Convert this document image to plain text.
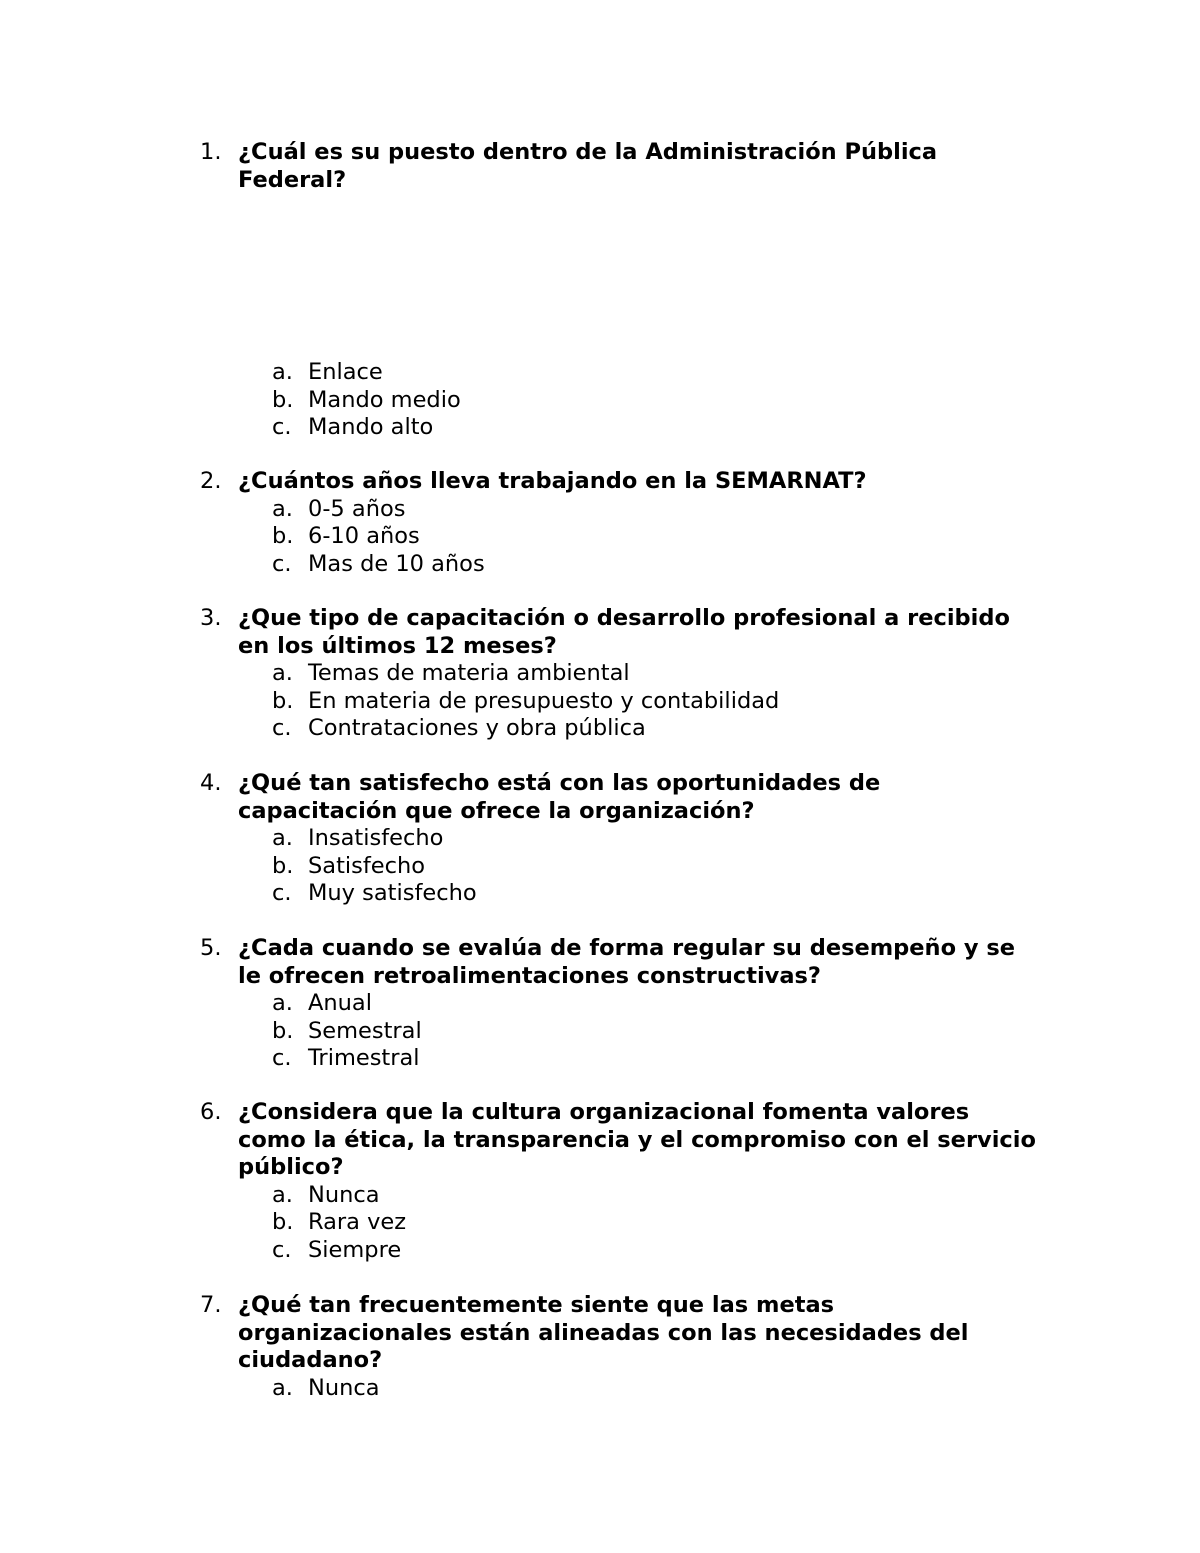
1. ¿Cuál es su puesto dentro de la Administración Pública Federal?
a. Enlace
b. Mando medio
c. Mando alto
2. ¿Cuántos años lleva trabajando en la SEMARNAT?
a. 0-5 años
b. 6-10 años
c. Mas de 10 años
3. ¿Que tipo de capacitación o desarrollo profesional a recibido en los últimos 12 meses?
a. Temas de materia ambiental
b. En materia de presupuesto y contabilidad
c. Contrataciones y obra pública
4. ¿Qué tan satisfecho está con las oportunidades de capacitación que ofrece la organización?
a. Insatisfecho
b. Satisfecho
c. Muy satisfecho
5. ¿Cada cuando se evalúa de forma regular su desempeño y se le ofrecen retroalimentaciones constructivas?
a. Anual
b. Semestral
c. Trimestral
6. ¿Considera que la cultura organizacional fomenta valores como la ética, la transparencia y el compromiso con el servicio público?
a. Nunca
b. Rara vez
c. Siempre
7. ¿Qué tan frecuentemente siente que las metas organizacionales están alineadas con las necesidades del ciudadano?
a. Nunca
